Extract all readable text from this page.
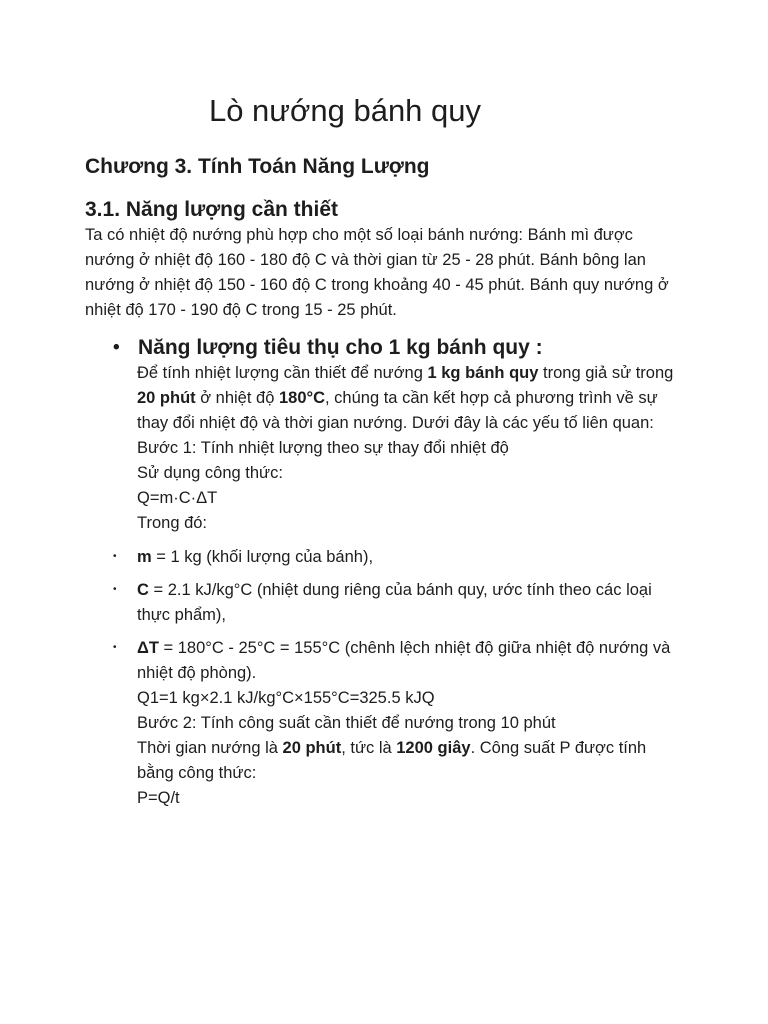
Lò nướng bánh quy
Chương 3. Tính Toán Năng Lượng
3.1. Năng lượng cần thiết

Ta có nhiệt độ nướng phù hợp cho một số loại bánh nướng: Bánh mì được nướng ở nhiệt độ 160 - 180 độ C và thời gian từ 25 - 28 phút. Bánh bông lan nướng ở nhiệt độ 150 - 160 độ C trong khoảng 40 - 45 phút. Bánh quy nướng ở nhiệt độ 170 - 190 độ C trong 15 - 25 phút.

• Năng lượng tiêu thụ cho 1 kg bánh quy :

Để tính nhiệt lượng cần thiết để nướng 1 kg bánh quy trong giả sử trong 20 phút ở nhiệt độ 180°C, chúng ta cần kết hợp cả phương trình về sự thay đổi nhiệt độ và thời gian nướng. Dưới đây là các yếu tố liên quan:

Bước 1: Tính nhiệt lượng theo sự thay đổi nhiệt độ

Sử dụng công thức:

Q=m·C·ΔT

Trong đó:

•	m = 1 kg (khối lượng của bánh),
•	C = 2.1 kJ/kg°C (nhiệt dung riêng của bánh quy, ước tính theo các loại thực phẩm),
•	ΔT = 180°C - 25°C = 155°C (chênh lệch nhiệt độ giữa nhiệt độ nướng và nhiệt độ phòng).

Q1=1 kg×2.1 kJ/kg°C×155°C=325.5 kJQ

Bước 2: Tính công suất cần thiết để nướng trong 10 phút

Thời gian nướng là 20 phút, tức là 1200 giây. Công suất P được tính bằng công thức:

P=Q/t
